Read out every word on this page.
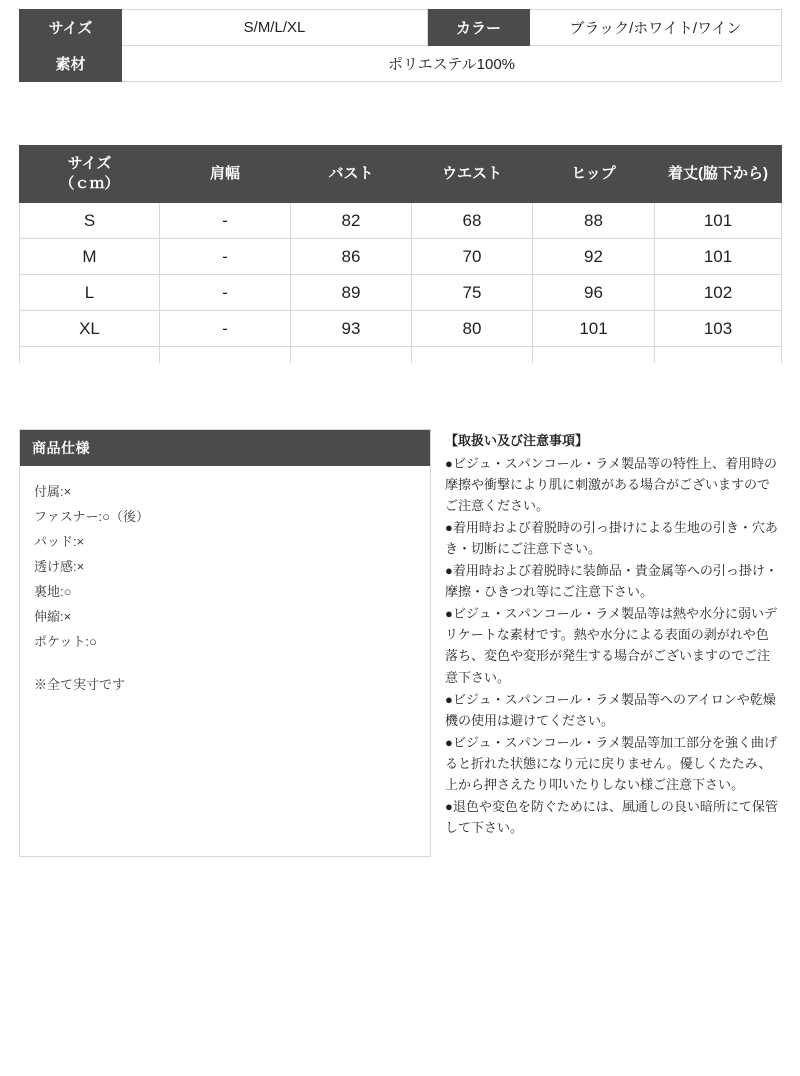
サイズ	S/M/L/XL	カラー	ブラック/ホワイト/ワイン
素材	ポリエステル100%		
サイズ
（ｃｍ）	肩幅	バスト	ウエスト	ヒップ	着丈(脇下から)
S	-	82	68	88	101
M	-	86	70	92	101
L	-	89	75	96	102
XL	-	93	80	101	103

商品仕様
付属:×
ファスナー:○（後）
パッド:×
透け感:×
裏地:○
伸縮:×
ポケット:○
※全て実寸です
【取扱い及び注意事項】

●ビジュ・スパンコール・ラメ製品等の特性上、着用時の摩擦や衝撃により肌に刺激がある場合がございますのでご注意ください。

●着用時および着脱時の引っ掛けによる生地の引き・穴あき・切断にご注意下さい。

●着用時および着脱時に装飾品・貴金属等への引っ掛け・摩擦・ひきつれ等にご注意下さい。

●ビジュ・スパンコール・ラメ製品等は熱や水分に弱いデリケートな素材です。熱や水分による表面の剥がれや色落ち、変色や変形が発生する場合がございますのでご注意下さい。

●ビジュ・スパンコール・ラメ製品等へのアイロンや乾燥機の使用は避けてください。

●ビジュ・スパンコール・ラメ製品等加工部分を強く曲げると折れた状態になり元に戻りません。優しくたたみ、上から押さえたり叩いたりしない様ご注意下さい。

●退色や変色を防ぐためには、風通しの良い暗所にて保管して下さい。
